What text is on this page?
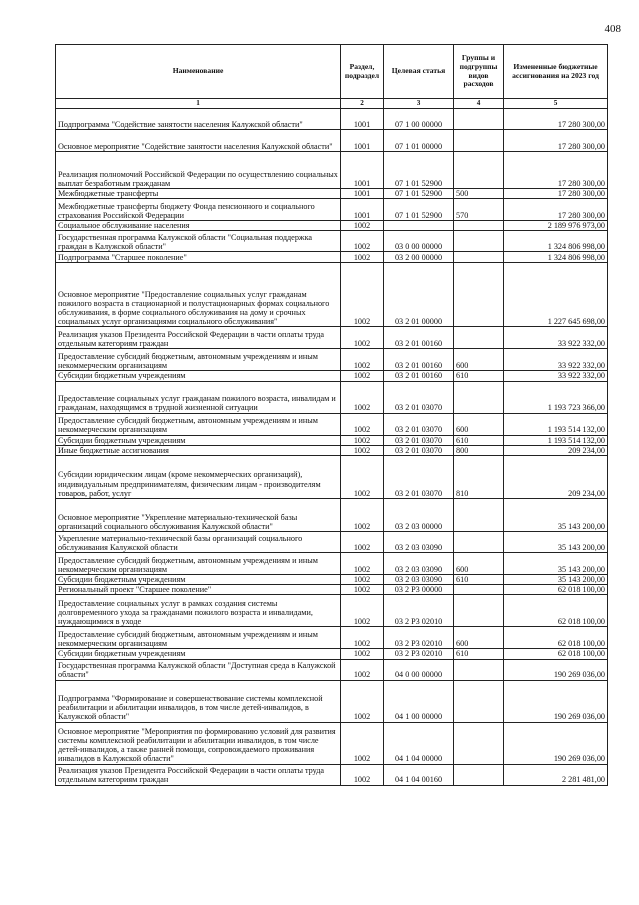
408
Наименование	Раздел, подраздел	Целевая статья	Группы и подгруппы видов расходов	Измененные бюджетные ассигнования на 2023 год
1	2	3	4	5
Подпрограмма "Содействие занятости населения Калужской области"	1001	07 1 00 00000		17 280 300,00
Основное мероприятие "Содействие занятости населения Калужской области"	1001	07 1 01 00000		17 280 300,00
Реализация полномочий Российской Федерации по осуществлению социальных выплат безработным гражданам	1001	07 1 01 52900		17 280 300,00
Межбюджетные трансферты	1001	07 1 01 52900	500	17 280 300,00
Межбюджетные трансферты бюджету Фонда пенсионного и социального страхования Российской Федерации	1001	07 1 01 52900	570	17 280 300,00
Социальное обслуживание населения	1002			2 189 976 973,00
Государственная программа Калужской области "Социальная поддержка граждан в Калужской области"	1002	03 0 00 00000		1 324 806 998,00
Подпрограмма "Старшее поколение"	1002	03 2 00 00000		1 324 806 998,00
Основное мероприятие "Предоставление социальных услуг гражданам пожилого возраста в стационарной и полустационарных формах социального обслуживания, в форме социального обслуживания на дому и срочных социальных услуг организациями социального обслуживания"	1002	03 2 01 00000		1 227 645 698,00
Реализация указов Президента Российской Федерации в части оплаты труда отдельным категориям граждан	1002	03 2 01 00160		33 922 332,00
Предоставление субсидий бюджетным, автономным учреждениям и иным некоммерческим организациям	1002	03 2 01 00160	600	33 922 332,00
Субсидии бюджетным учреждениям	1002	03 2 01 00160	610	33 922 332,00
Предоставление социальных услуг гражданам пожилого возраста, инвалидам и гражданам, находящимся в трудной жизненной ситуации	1002	03 2 01 03070		1 193 723 366,00
Предоставление субсидий бюджетным, автономным учреждениям и иным некоммерческим организациям	1002	03 2 01 03070	600	1 193 514 132,00
Субсидии бюджетным учреждениям	1002	03 2 01 03070	610	1 193 514 132,00
Иные бюджетные ассигнования	1002	03 2 01 03070	800	209 234,00
Субсидии юридическим лицам (кроме некоммерческих организаций), индивидуальным предпринимателям, физическим лицам - производителям товаров, работ, услуг	1002	03 2 01 03070	810	209 234,00
Основное мероприятие "Укрепление материально-технической базы организаций социального обслуживания Калужской области"	1002	03 2 03 00000		35 143 200,00
Укрепление материально-технической базы организаций социального обслуживания Калужской области	1002	03 2 03 03090		35 143 200,00
Предоставление субсидий бюджетным, автономным учреждениям и иным некоммерческим организациям	1002	03 2 03 03090	600	35 143 200,00
Субсидии бюджетным учреждениям	1002	03 2 03 03090	610	35 143 200,00
Региональный проект "Старшее поколение"	1002	03 2 P3 00000		62 018 100,00
Предоставление социальных услуг в рамках создания системы долговременного ухода за гражданами пожилого возраста и инвалидами, нуждающимися в уходе	1002	03 2 P3 02010		62 018 100,00
Предоставление субсидий бюджетным, автономным учреждениям и иным некоммерческим организациям	1002	03 2 P3 02010	600	62 018 100,00
Субсидии бюджетным учреждениям	1002	03 2 P3 02010	610	62 018 100,00
Государственная программа Калужской области "Доступная среда в Калужской области"	1002	04 0 00 00000		190 269 036,00
Подпрограмма "Формирование и совершенствование системы комплексной реабилитации и абилитации инвалидов, в том числе детей-инвалидов, в Калужской области"	1002	04 1 00 00000		190 269 036,00
Основное мероприятие "Мероприятия по формированию условий для развития системы комплексной реабилитации и абилитации инвалидов, в том числе детей-инвалидов, а также ранней помощи, сопровождаемого проживания инвалидов в Калужской области"	1002	04 1 04 00000		190 269 036,00
Реализация указов Президента Российской Федерации в части оплаты труда отдельным категориям граждан	1002	04 1 04 00160		2 281 481,00
